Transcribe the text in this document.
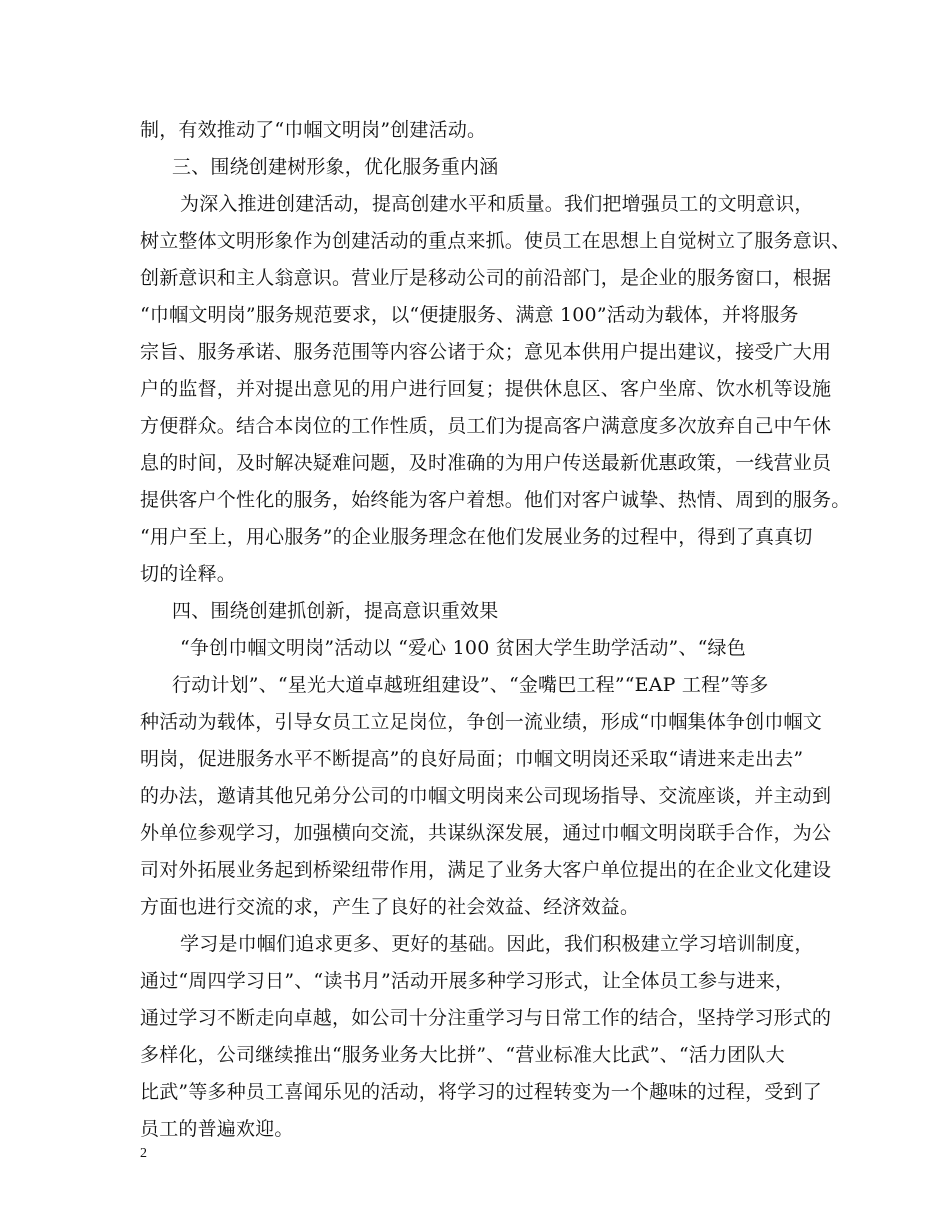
制，有效推动了“巾帼文明岗”创建活动。
三、围绕创建树形象，优化服务重内涵
为深入推进创建活动，提高创建水平和质量。我们把增强员工的文明意识，
树立整体文明形象作为创建活动的重点来抓。使员工在思想上自觉树立了服务意识、
创新意识和主人翁意识。营业厅是移动公司的前沿部门，是企业的服务窗口，根据
“巾帼文明岗”服务规范要求，以“便捷服务、满意 100”活动为载体，并将服务
宗旨、服务承诺、服务范围等内容公诸于众；意见本供用户提出建议，接受广大用
户的监督，并对提出意见的用户进行回复；提供休息区、客户坐席、饮水机等设施
方便群众。结合本岗位的工作性质，员工们为提高客户满意度多次放弃自己中午休
息的时间，及时解决疑难问题，及时准确的为用户传送最新优惠政策，一线营业员
提供客户个性化的服务，始终能为客户着想。他们对客户诚挚、热情、周到的服务。
“用户至上，用心服务”的企业服务理念在他们发展业务的过程中，得到了真真切
切的诠释。
四、围绕创建抓创新，提高意识重效果
“争创巾帼文明岗”活动以 “爱心 100 贫困大学生助学活动”、“绿色
行动计划”、“星光大道卓越班组建设”、“金嘴巴工程”“EAP 工程”等多
种活动为载体，引导女员工立足岗位，争创一流业绩，形成“巾帼集体争创巾帼文
明岗，促进服务水平不断提高”的良好局面；巾帼文明岗还采取“请进来走出去”
的办法，邀请其他兄弟分公司的巾帼文明岗来公司现场指导、交流座谈，并主动到
外单位参观学习，加强横向交流，共谋纵深发展，通过巾帼文明岗联手合作，为公
司对外拓展业务起到桥梁纽带作用，满足了业务大客户单位提出的在企业文化建设
方面也进行交流的求，产生了良好的社会效益、经济效益。
学习是巾帼们追求更多、更好的基础。因此，我们积极建立学习培训制度，
通过“周四学习日”、“读书月”活动开展多种学习形式，让全体员工参与进来，
通过学习不断走向卓越，如公司十分注重学习与日常工作的结合，坚持学习形式的
多样化，公司继续推出“服务业务大比拼”、“营业标准大比武”、“活力团队大
比武”等多种员工喜闻乐见的活动，将学习的过程转变为一个趣味的过程，受到了
员工的普遍欢迎。
2
